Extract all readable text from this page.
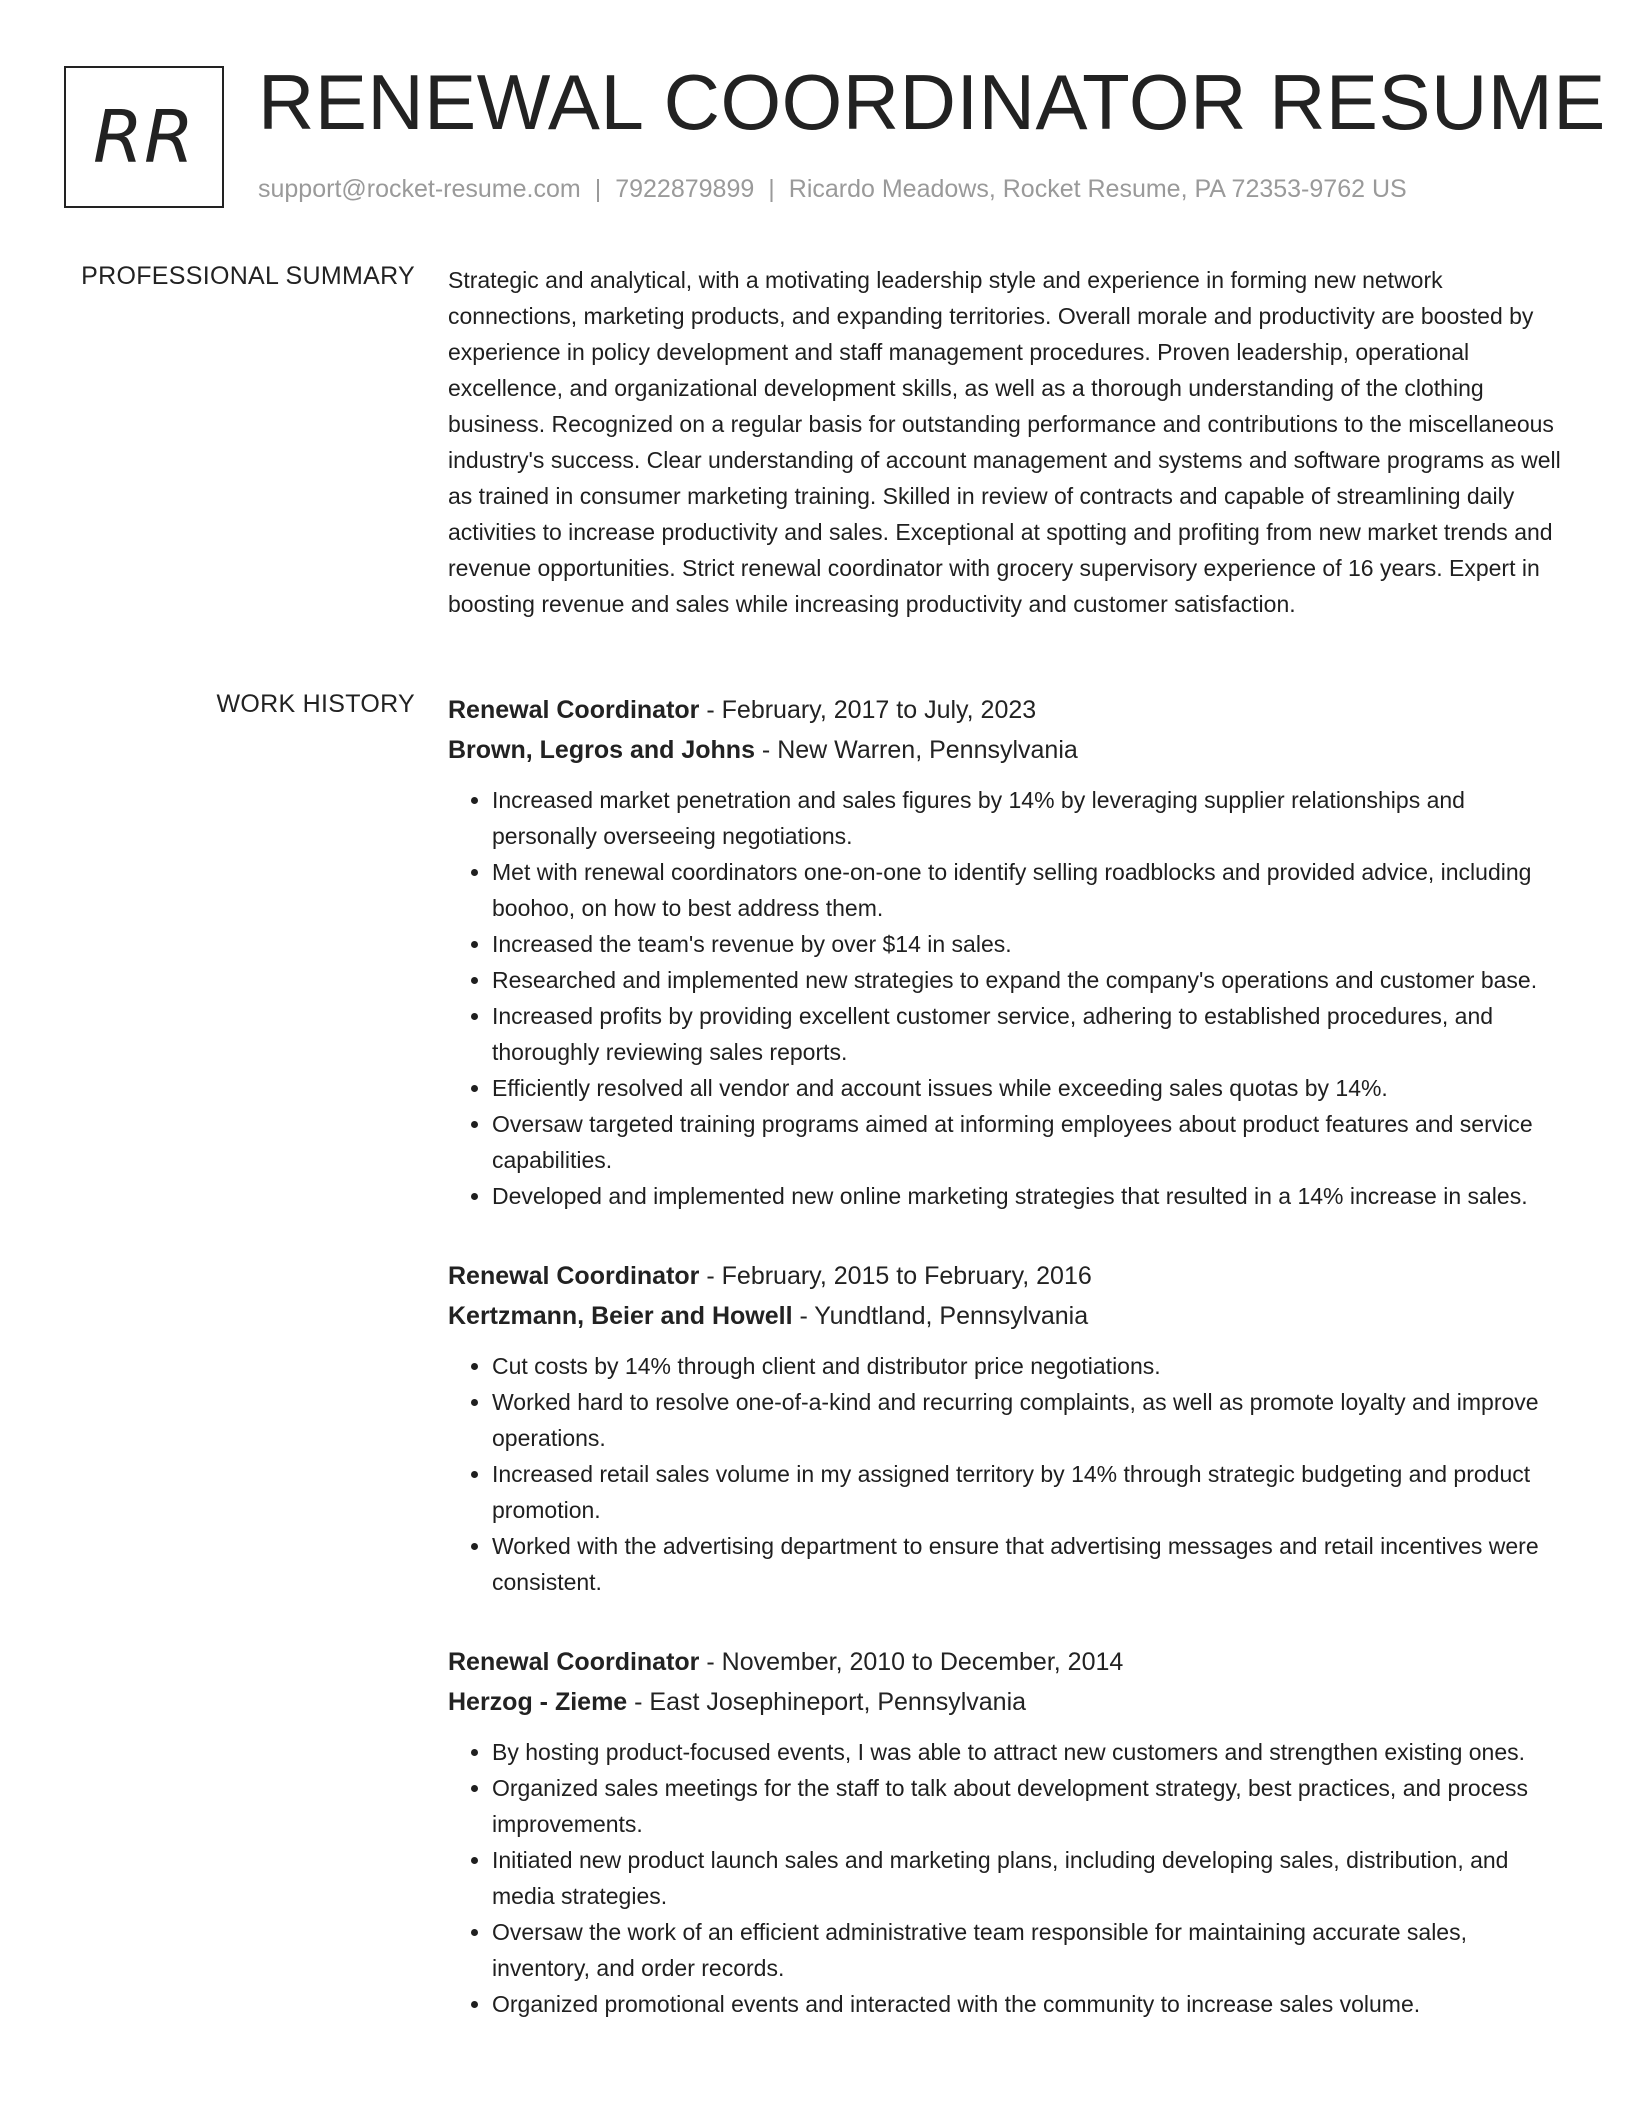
RR RENEWAL COORDINATOR RESUME
support@rocket-resume.com | 7922879899 | Ricardo Meadows, Rocket Resume, PA 72353-9762 US
PROFESSIONAL SUMMARY Strategic and analytical, with a motivating leadership style and experience in forming new network connections, marketing products, and expanding territories. Overall morale and productivity are boosted by experience in policy development and staff management procedures. Proven leadership, operational excellence, and organizational development skills, as well as a thorough understanding of the clothing business. Recognized on a regular basis for outstanding performance and contributions to the miscellaneous industry's success. Clear understanding of account management and systems and software programs as well as trained in consumer marketing training. Skilled in review of contracts and capable of streamlining daily activities to increase productivity and sales. Exceptional at spotting and profiting from new market trends and revenue opportunities. Strict renewal coordinator with grocery supervisory experience of 16 years. Expert in boosting revenue and sales while increasing productivity and customer satisfaction.

WORK HISTORY Renewal Coordinator - February, 2017 to July, 2023
Brown, Legros and Johns - New Warren, Pennsylvania
• Increased market penetration and sales figures by 14% by leveraging supplier relationships and personally overseeing negotiations.
• Met with renewal coordinators one-on-one to identify selling roadblocks and provided advice, including boohoo, on how to best address them.
• Increased the team's revenue by over $14 in sales.
• Researched and implemented new strategies to expand the company's operations and customer base.
• Increased profits by providing excellent customer service, adhering to established procedures, and thoroughly reviewing sales reports.
• Efficiently resolved all vendor and account issues while exceeding sales quotas by 14%.
• Oversaw targeted training programs aimed at informing employees about product features and service capabilities.
• Developed and implemented new online marketing strategies that resulted in a 14% increase in sales.
Renewal Coordinator - February, 2015 to February, 2016
Kertzmann, Beier and Howell - Yundtland, Pennsylvania
• Cut costs by 14% through client and distributor price negotiations.
• Worked hard to resolve one-of-a-kind and recurring complaints, as well as promote loyalty and improve operations.
• Increased retail sales volume in my assigned territory by 14% through strategic budgeting and product promotion.
• Worked with the advertising department to ensure that advertising messages and retail incentives were consistent.
Renewal Coordinator - November, 2010 to December, 2014
Herzog - Zieme - East Josephineport, Pennsylvania
• By hosting product-focused events, I was able to attract new customers and strengthen existing ones.
• Organized sales meetings for the staff to talk about development strategy, best practices, and process improvements.
• Initiated new product launch sales and marketing plans, including developing sales, distribution, and media strategies.
• Oversaw the work of an efficient administrative team responsible for maintaining accurate sales, inventory, and order records.
• Organized promotional events and interacted with the community to increase sales volume.
